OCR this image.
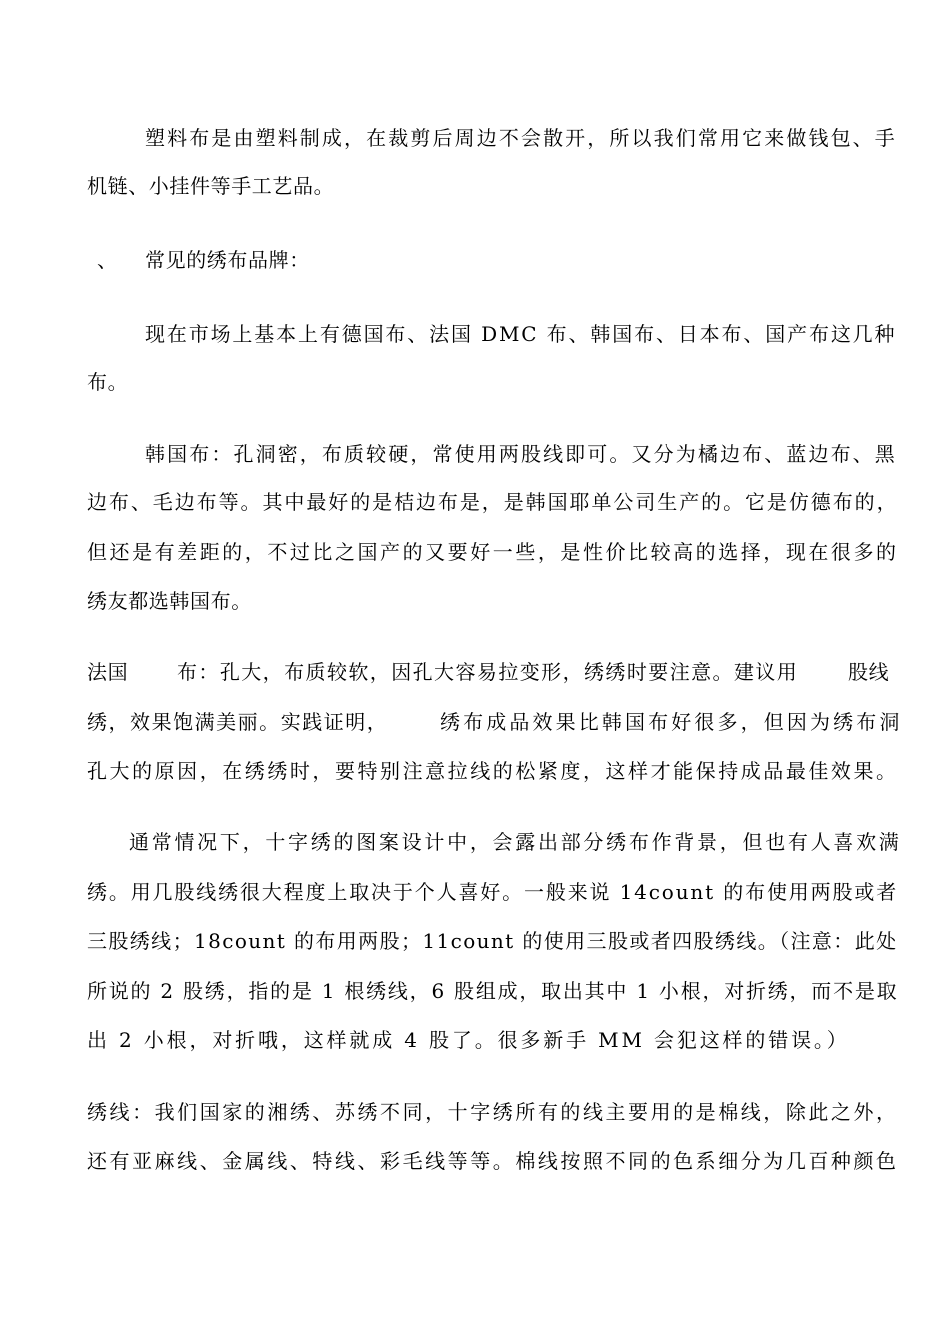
塑料布是由塑料制成，在裁剪后周边不会散开，所以我们常用它来做钱包、手
机链、小挂件等手工艺品。
、 常见的绣布品牌：
现在市场上基本上有德国布、法国 DMC 布、韩国布、日本布、国产布这几种
布。
韩国布：孔洞密，布质较硬，常使用两股线即可。又分为橘边布、蓝边布、黑
边布、毛边布等。其中最好的是桔边布是，是韩国耶单公司生产的。它是仿德布的，
但还是有差距的，不过比之国产的又要好一些，是性价比较高的选择，现在很多的
绣友都选韩国布。
法国 布：孔大，布质较软，因孔大容易拉变形，绣绣时要注意。建议用 股线
绣，效果饱满美丽。实践证明，	绣布成品效果比韩国布好很多，但因为绣布洞
孔大的原因，在绣绣时，要特别注意拉线的松紧度，这样才能保持成品最佳效果。
通常情况下，十字绣的图案设计中，会露出部分绣布作背景，但也有人喜欢满
绣。用几股线绣很大程度上取决于个人喜好。一般来说 14count 的布使用两股或者
三股绣线；18count 的布用两股；11count 的使用三股或者四股绣线。（注意：此处
所说的 2 股绣，指的是 1 根绣线，6 股组成，取出其中 1 小根，对折绣，而不是取
出 2 小根，对折哦，这样就成 4 股了。很多新手 MM 会犯这样的错误。）
绣线：我们国家的湘绣、苏绣不同，十字绣所有的线主要用的是棉线，除此之外，
还有亚麻线、金属线、特线、彩毛线等等。棉线按照不同的色系细分为几百种颜色
